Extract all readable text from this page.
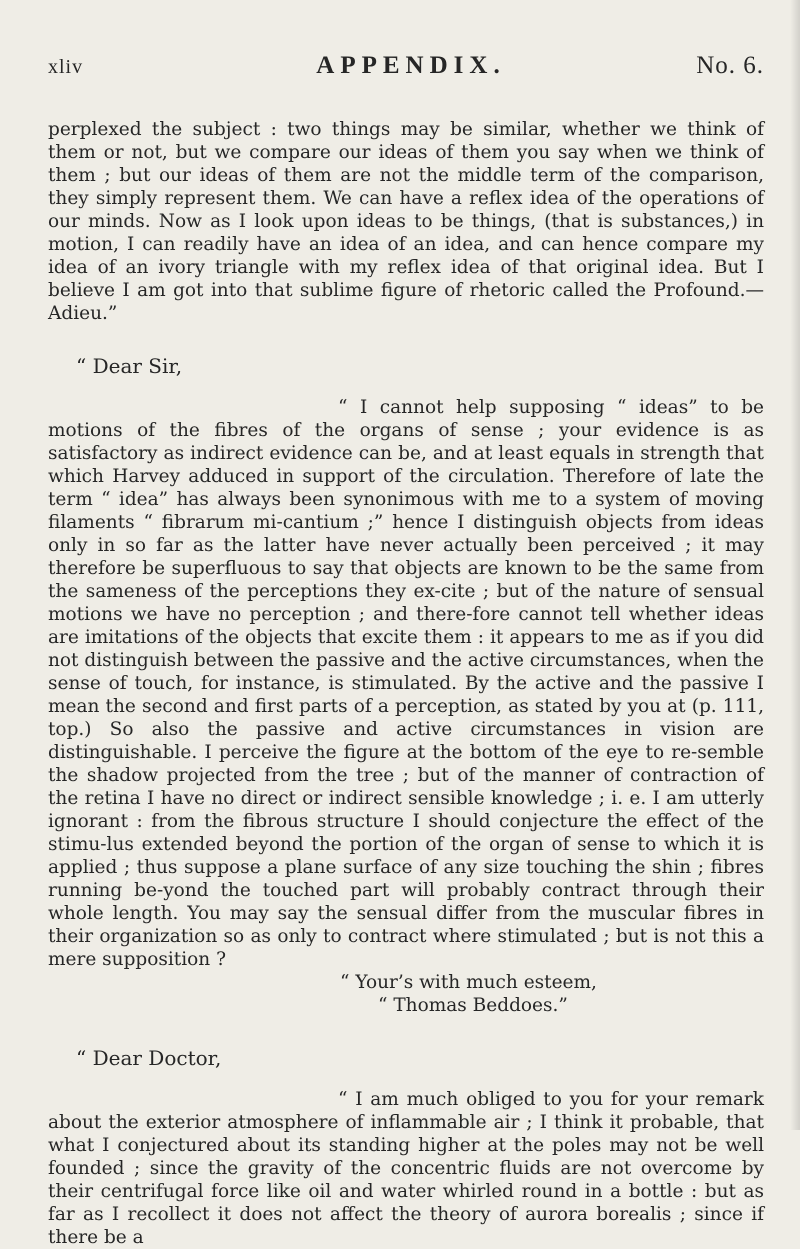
xliv	APPENDIX.	No. 6.

perplexed the subject : two things may be similar, whether we think of them or not, but we compare our ideas of them you say when we think of them ; but our ideas of them are not the middle term of the comparison, they simply represent them. We can have a reflex idea of the operations of our minds. Now as I look upon ideas to be things, (that is substances,) in motion, I can readily have an idea of an idea, and can hence compare my idea of an ivory triangle with my reflex idea of that original idea. But I believe I am got into that sublime figure of rhetoric called the Profound.—Adieu.”

“ Dear Sir,

“ I cannot help supposing “ ideas” to be motions of the fibres of the organs of sense ; your evidence is as satisfactory as indirect evidence can be, and at least equals in strength that which Harvey adduced in support of the circulation. Therefore of late the term “ idea” has always been synonimous with me to a system of moving filaments “ fibrarum mi-cantium ;” hence I distinguish objects from ideas only in so far as the latter have never actually been perceived ; it may therefore be superfluous to say that objects are known to be the same from the sameness of the perceptions they ex-cite ; but of the nature of sensual motions we have no perception ; and there-fore cannot tell whether ideas are imitations of the objects that excite them : it appears to me as if you did not distinguish between the passive and the active circumstances, when the sense of touch, for instance, is stimulated. By the active and the passive I mean the second and first parts of a perception, as stated by you at (p. 111, top.) So also the passive and active circumstances in vision are distinguishable. I perceive the figure at the bottom of the eye to re-semble the shadow projected from the tree ; but of the manner of contraction of the retina I have no direct or indirect sensible knowledge ; i. e. I am utterly ignorant : from the fibrous structure I should conjecture the effect of the stimu-lus extended beyond the portion of the organ of sense to which it is applied ; thus suppose a plane surface of any size touching the shin ; fibres running be-yond the touched part will probably contract through their whole length. You may say the sensual differ from the muscular fibres in their organization so as only to contract where stimulated ; but is not this a mere supposition ?

“ Your’s with much esteem,

“ Thomas Beddoes.”

“ Dear Doctor,

“ I am much obliged to you for your remark about the exterior atmosphere of inflammable air ; I think it probable, that what I conjectured about its standing higher at the poles may not be well founded ; since the gravity of the concentric fluids are not overcome by their centrifugal force like oil and water whirled round in a bottle : but as far as I recollect it does not affect the theory of aurora borealis ; since if there be a
